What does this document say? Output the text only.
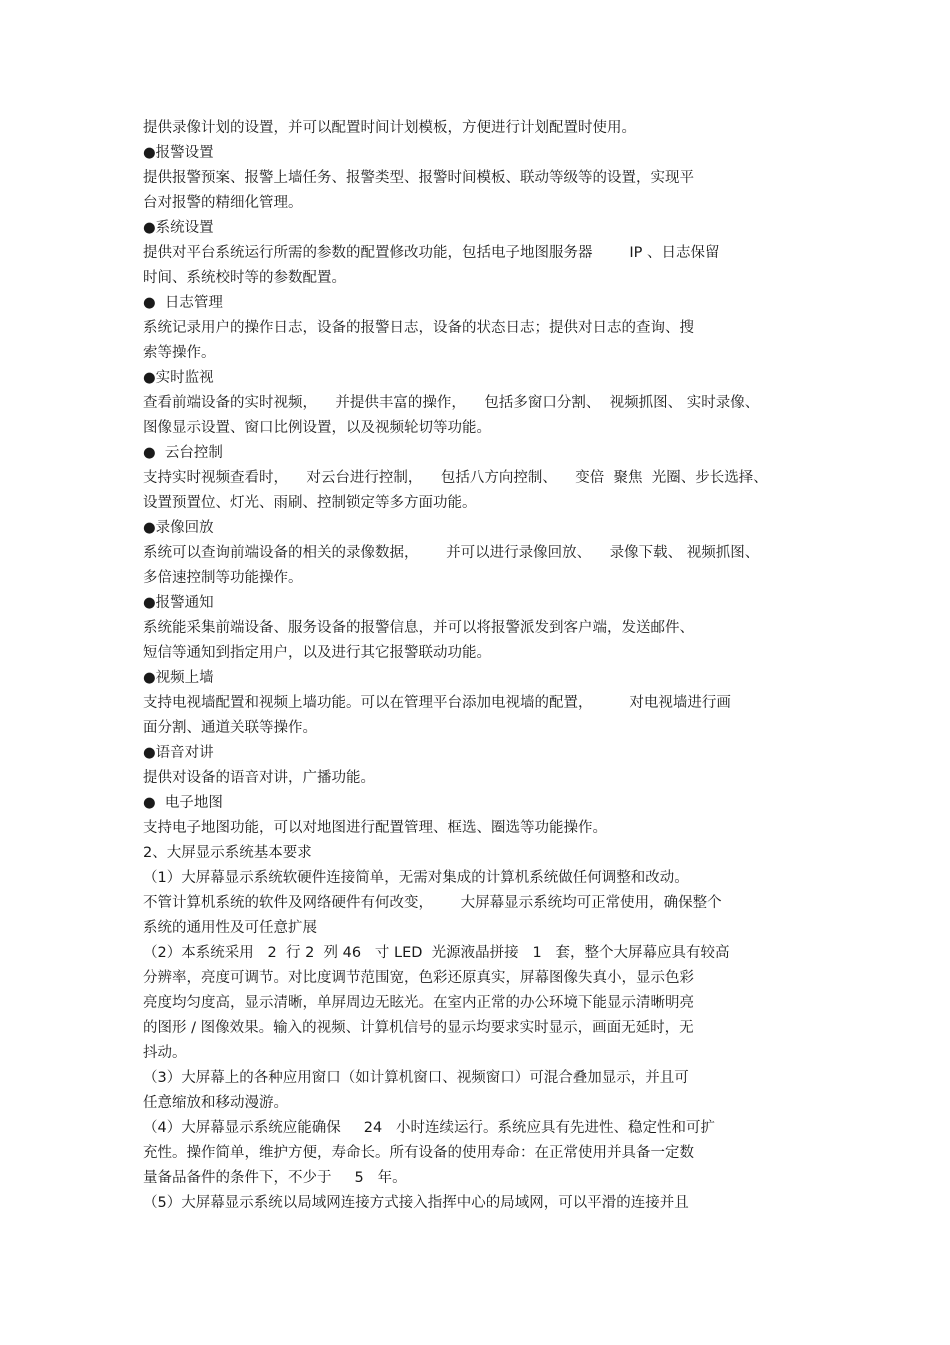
提供录像计划的设置，并可以配置时间计划模板，方便进行计划配置时使用。

●报警设置

提供报警预案、报警上墙任务、报警类型、报警时间模板、联动等级等的设置，实现平

台对报警的精细化管理。

●系统设置

提供对平台系统运行所需的参数的配置修改功能，包括电子地图服务器        IP 、日志保留

时间、系统校时等的参数配置。

●  日志管理

系统记录用户的操作日志，设备的报警日志，设备的状态日志；提供对日志的查询、搜

索等操作。

●实时监视

查看前端设备的实时视频，    并提供丰富的操作，    包括多窗口分割、  视频抓图、 实时录像、

图像显示设置、窗口比例设置，以及视频轮切等功能。

●  云台控制

支持实时视频查看时，    对云台进行控制，    包括八方向控制、    变倍  聚焦  光圈、步长选择、

设置预置位、灯光、雨刷、控制锁定等多方面功能。

●录像回放

系统可以查询前端设备的相关的录像数据，      并可以进行录像回放、    录像下载、 视频抓图、

多倍速控制等功能操作。

●报警通知

系统能采集前端设备、服务设备的报警信息，并可以将报警派发到客户端，发送邮件、

短信等通知到指定用户，以及进行其它报警联动功能。

●视频上墙

支持电视墙配置和视频上墙功能。可以在管理平台添加电视墙的配置，        对电视墙进行画

面分割、通道关联等操作。

●语音对讲

提供对设备的语音对讲，广播功能。

●  电子地图

支持电子地图功能，可以对地图进行配置管理、框选、圈选等功能操作。

2、大屏显示系统基本要求

（1）大屏幕显示系统软硬件连接简单，无需对集成的计算机系统做任何调整和改动。

不管计算机系统的软件及网络硬件有何改变，      大屏幕显示系统均可正常使用，确保整个

系统的通用性及可任意扩展

（2）本系统采用   2  行 2  列 46   寸 LED  光源液晶拼接   1   套，整个大屏幕应具有较高

分辨率，亮度可调节。对比度调节范围宽，色彩还原真实，屏幕图像失真小，显示色彩

亮度均匀度高，显示清晰，单屏周边无眩光。在室内正常的办公环境下能显示清晰明亮

的图形 / 图像效果。输入的视频、计算机信号的显示均要求实时显示，画面无延时，无

抖动。

（3）大屏幕上的各种应用窗口（如计算机窗口、视频窗口）可混合叠加显示，并且可

任意缩放和移动漫游。

（4）大屏幕显示系统应能确保     24   小时连续运行。系统应具有先进性、稳定性和可扩

充性。操作简单，维护方便，寿命长。所有设备的使用寿命：在正常使用并具备一定数

量备品备件的条件下，不少于     5   年。

（5）大屏幕显示系统以局域网连接方式接入指挥中心的局域网，可以平滑的连接并且
